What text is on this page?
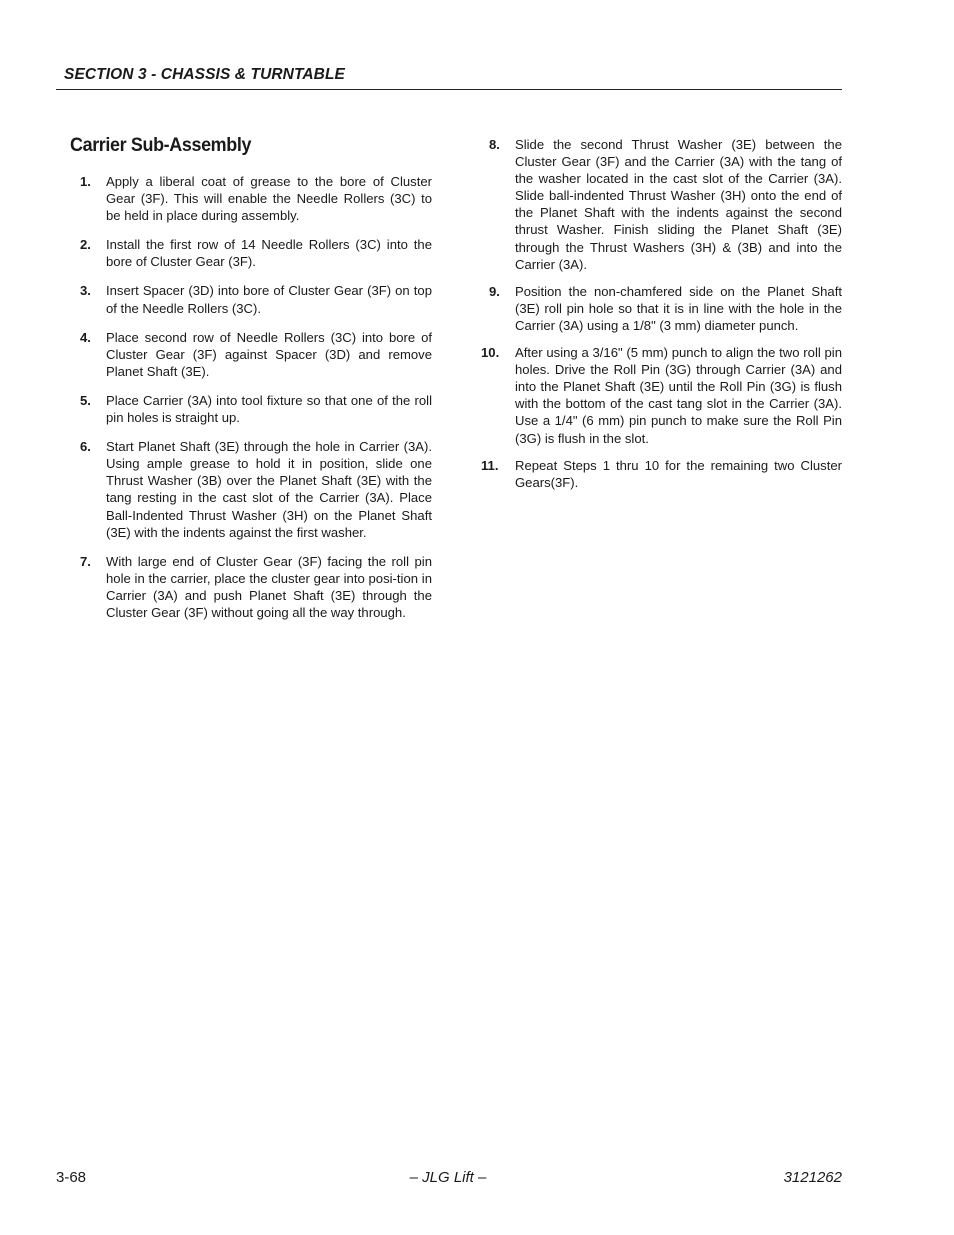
SECTION 3 - CHASSIS & TURNTABLE
Carrier Sub-Assembly

1. Apply a liberal coat of grease to the bore of Cluster Gear (3F). This will enable the Needle Rollers (3C) to be held in place during assembly.

2. Install the first row of 14 Needle Rollers (3C) into the bore of Cluster Gear (3F).

3. Insert Spacer (3D) into bore of Cluster Gear (3F) on top of the Needle Rollers (3C).

4. Place second row of Needle Rollers (3C) into bore of Cluster Gear (3F) against Spacer (3D) and remove Planet Shaft (3E).

5. Place Carrier (3A) into tool fixture so that one of the roll pin holes is straight up.

6. Start Planet Shaft (3E) through the hole in Carrier (3A). Using ample grease to hold it in position, slide one Thrust Washer (3B) over the Planet Shaft (3E) with the tang resting in the cast slot of the Carrier (3A). Place Ball-Indented Thrust Washer (3H) on the Planet Shaft (3E) with the indents against the first washer.

7. With large end of Cluster Gear (3F) facing the roll pin hole in the carrier, place the cluster gear into posi-tion in Carrier (3A) and push Planet Shaft (3E) through the Cluster Gear (3F) without going all the way through.

8. Slide the second Thrust Washer (3E) between the Cluster Gear (3F) and the Carrier (3A) with the tang of the washer located in the cast slot of the Carrier (3A). Slide ball-indented Thrust Washer (3H) onto the end of the Planet Shaft with the indents against the second thrust Washer. Finish sliding the Planet Shaft (3E) through the Thrust Washers (3H) & (3B) and into the Carrier (3A).

9. Position the non-chamfered side on the Planet Shaft (3E) roll pin hole so that it is in line with the hole in the Carrier (3A) using a 1/8" (3 mm) diameter punch.

10. After using a 3/16" (5 mm) punch to align the two roll pin holes. Drive the Roll Pin (3G) through Carrier (3A) and into the Planet Shaft (3E) until the Roll Pin (3G) is flush with the bottom of the cast tang slot in the Carrier (3A). Use a 1/4" (6 mm) pin punch to make sure the Roll Pin (3G) is flush in the slot.

11. Repeat Steps 1 thru 10 for the remaining two Cluster Gears(3F).

3-68	– JLG Lift –	3121262
